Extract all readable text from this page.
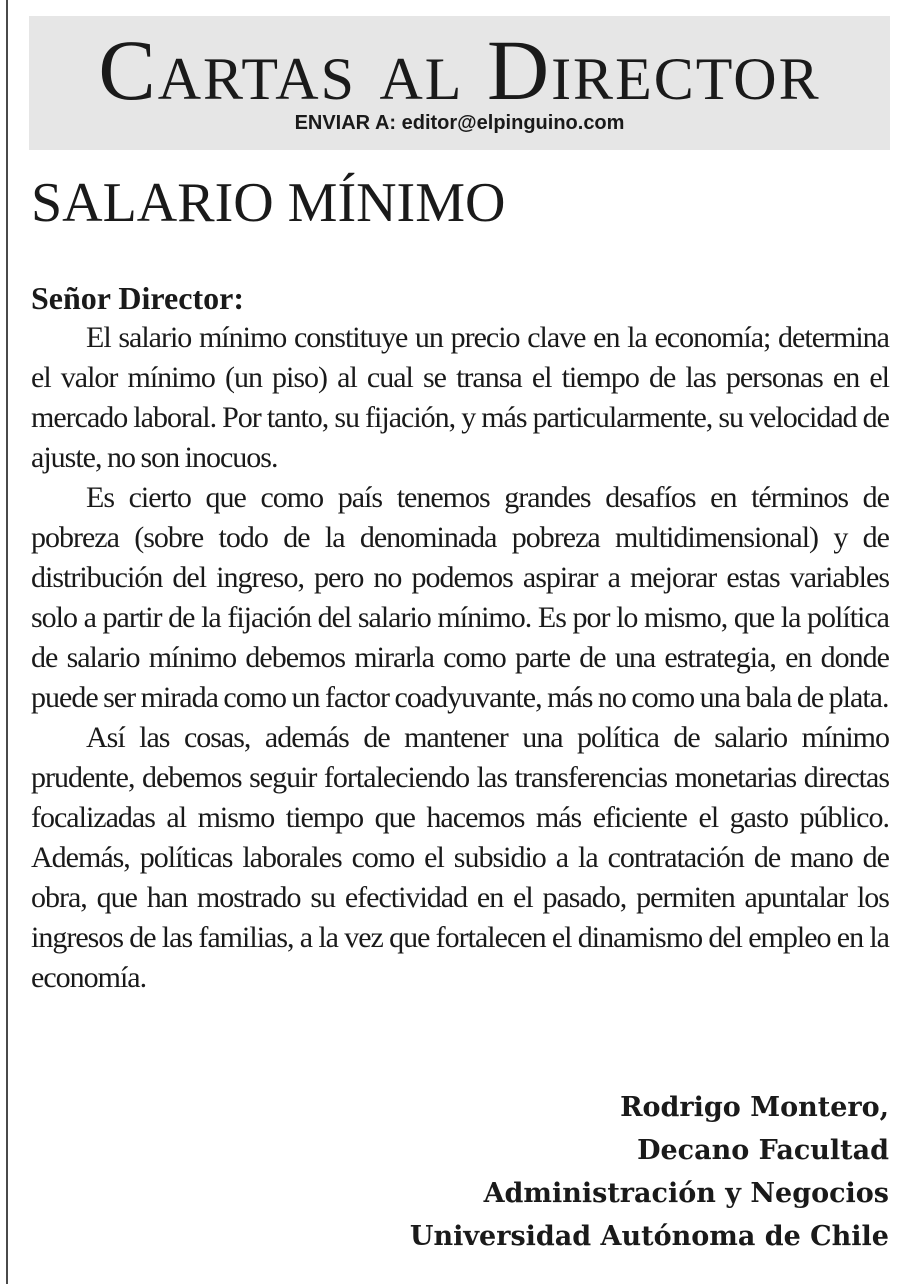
Cartas al Director
ENVIAR A: editor@elpinguino.com
SALARIO MÍNIMO

Señor Director:

El salario mínimo constituye un precio clave en la economía; determina el valor mínimo (un piso) al cual se transa el tiempo de las personas en el mercado laboral. Por tanto, su fijación, y más particularmente, su velocidad de ajuste, no son inocuos.

Es cierto que como país tenemos grandes desafíos en términos de pobreza (sobre todo de la denominada pobreza multidimensional) y de distribución del ingreso, pero no podemos aspirar a mejorar estas variables solo a partir de la fijación del salario mínimo. Es por lo mismo, que la política de salario mínimo debemos mirarla como parte de una estrategia, en donde puede ser mirada como un factor coadyuvante, más no como una bala de plata.

Así las cosas, además de mantener una política de salario mínimo prudente, debemos seguir fortaleciendo las transferencias monetarias directas focalizadas al mismo tiempo que hacemos más eficiente el gasto público. Además, políticas laborales como el subsidio a la contratación de mano de obra, que han mostrado su efectividad en el pasado, permiten apuntalar los ingresos de las familias, a la vez que fortalecen el dinamismo del empleo en la economía.

Rodrigo Montero,
Decano Facultad
Administración y Negocios
Universidad Autónoma de Chile
